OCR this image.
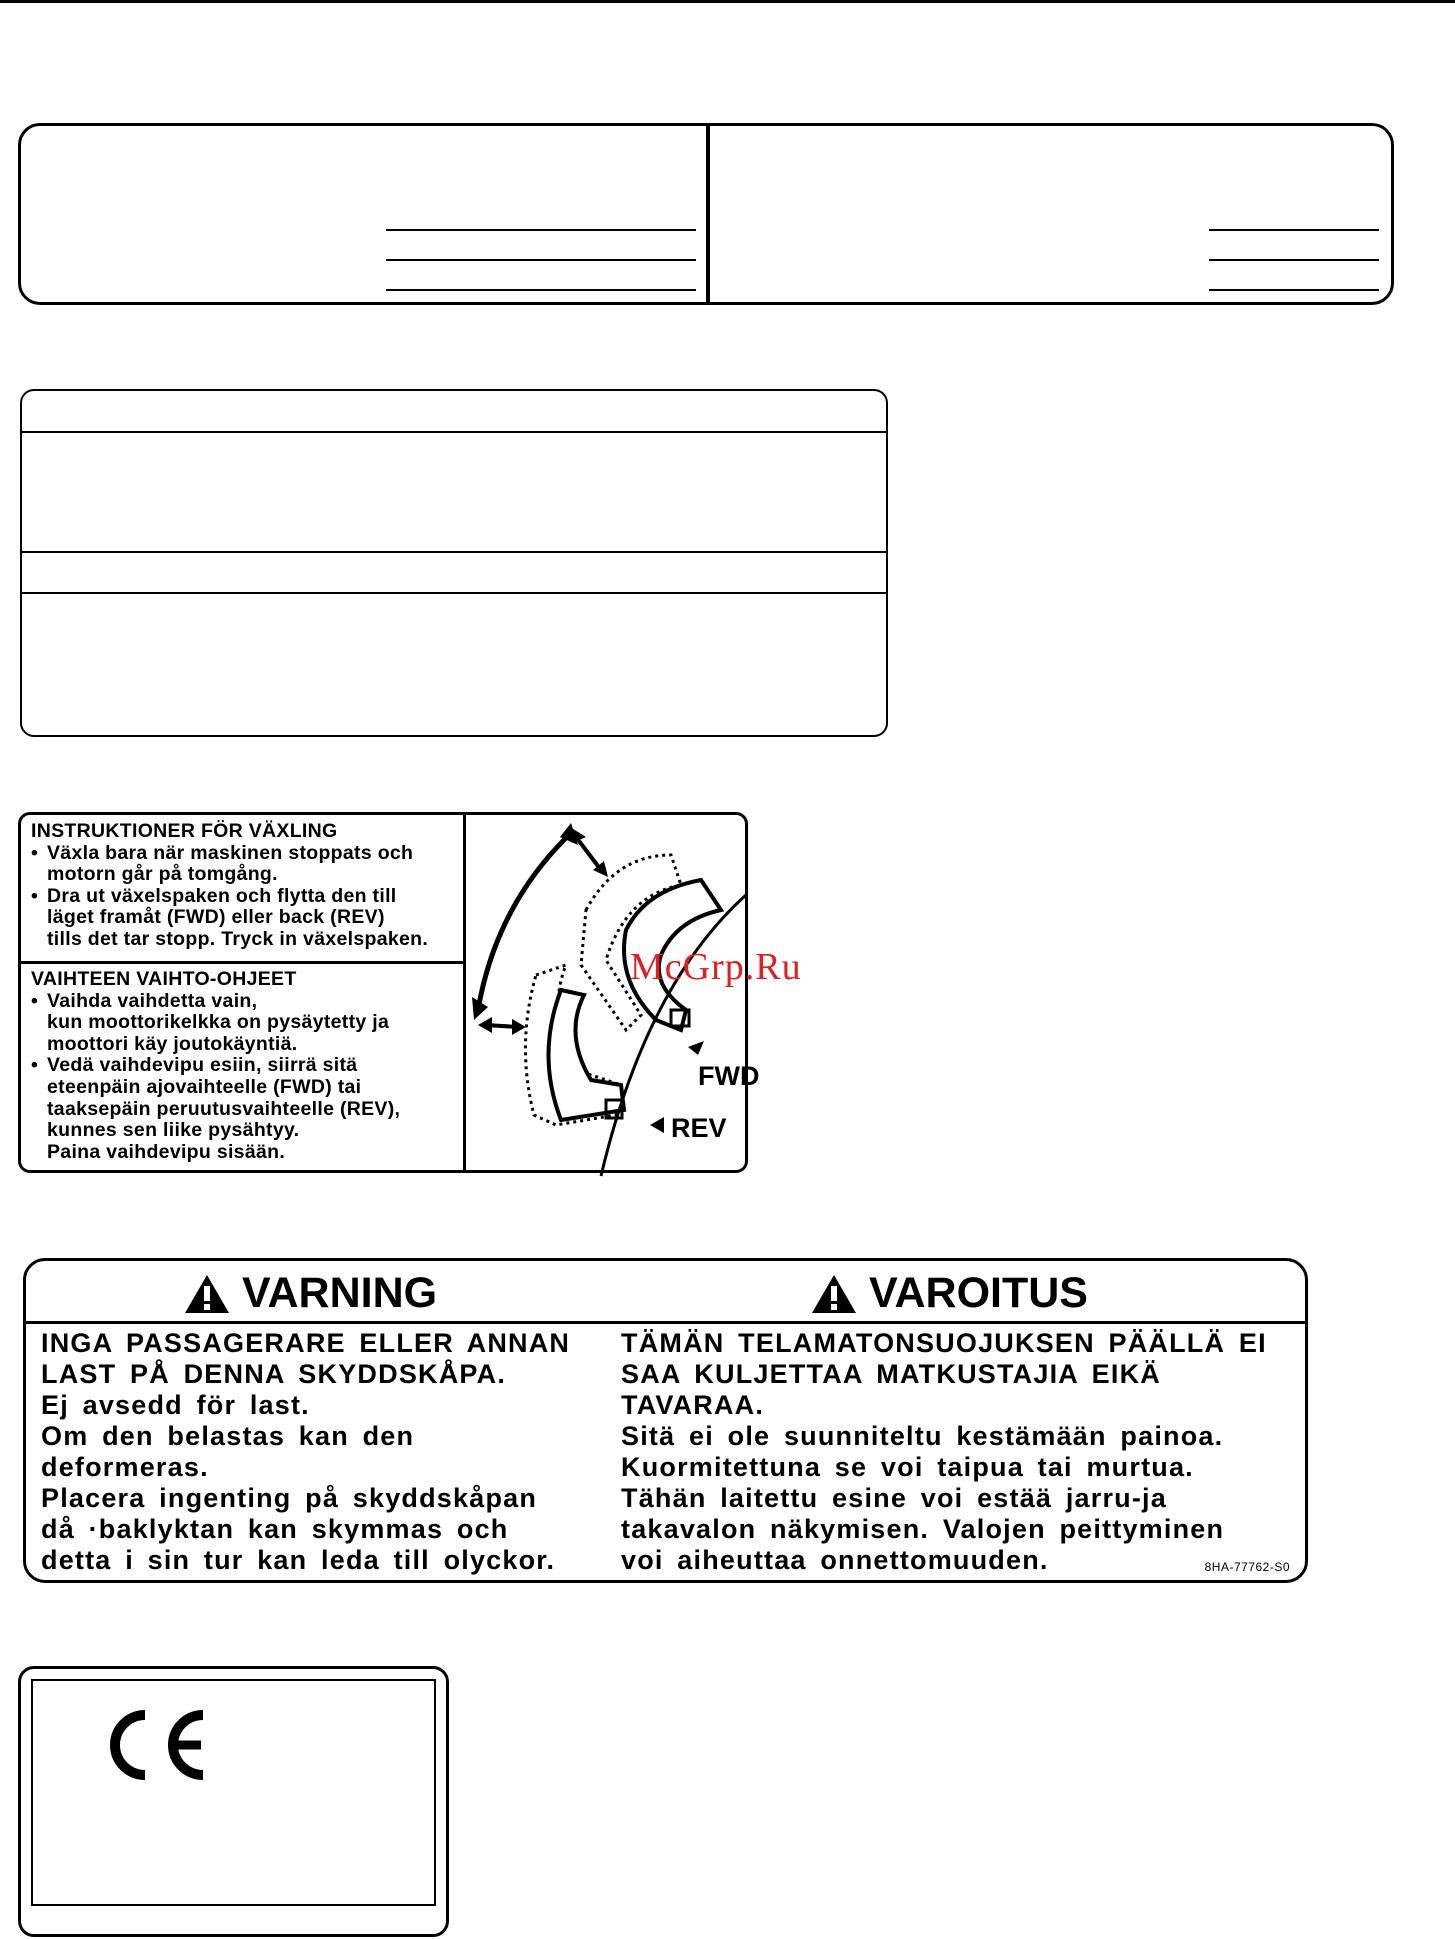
INSTRUKTIONER FÖR VÄXLING
• Växla bara när maskinen stoppats och
motorn går på tomgång.
• Dra ut växelspaken och flytta den till
läget framåt (FWD) eller back (REV)
tills det tar stopp. Tryck in växelspaken.
VAIHTEEN VAIHTO-OHJEET
• Vaihda vaihdetta vain,
kun moottorikelkka on pysäytetty ja
moottori käy joutokäyntiä.
• Vedä vaihdevipu esiin, siirrä sitä
eteenpäin ajovaihteelle (FWD) tai
taaksepäin peruutusvaihteelle (REV),
kunnes sen liike pysähtyy.
Paina vaihdevipu sisään.
FWD
REV
McGrp.Ru
VARNING	VAROITUS
INGA PASSAGERARE ELLER ANNAN
LAST PÅ DENNA SKYDDSKÅPA.
Ej avsedd för last.
Om den belastas kan den
deformeras.
Placera ingenting på skyddskåpan
då ·baklyktan kan skymmas och
detta i sin tur kan leda till olyckor.
TÄMÄN TELAMATONSUOJUKSEN PÄÄLLÄ EI
SAA KULJETTAA MATKUSTAJIA EIKÄ
TAVARAA.
Sitä ei ole suunniteltu kestämään painoa.
Kuormitettuna se voi taipua tai murtua.
Tähän laitettu esine voi estää jarru-ja
takavalon näkymisen. Valojen peittyminen
voi aiheuttaa onnettomuuden.	8HA-77762-S0
